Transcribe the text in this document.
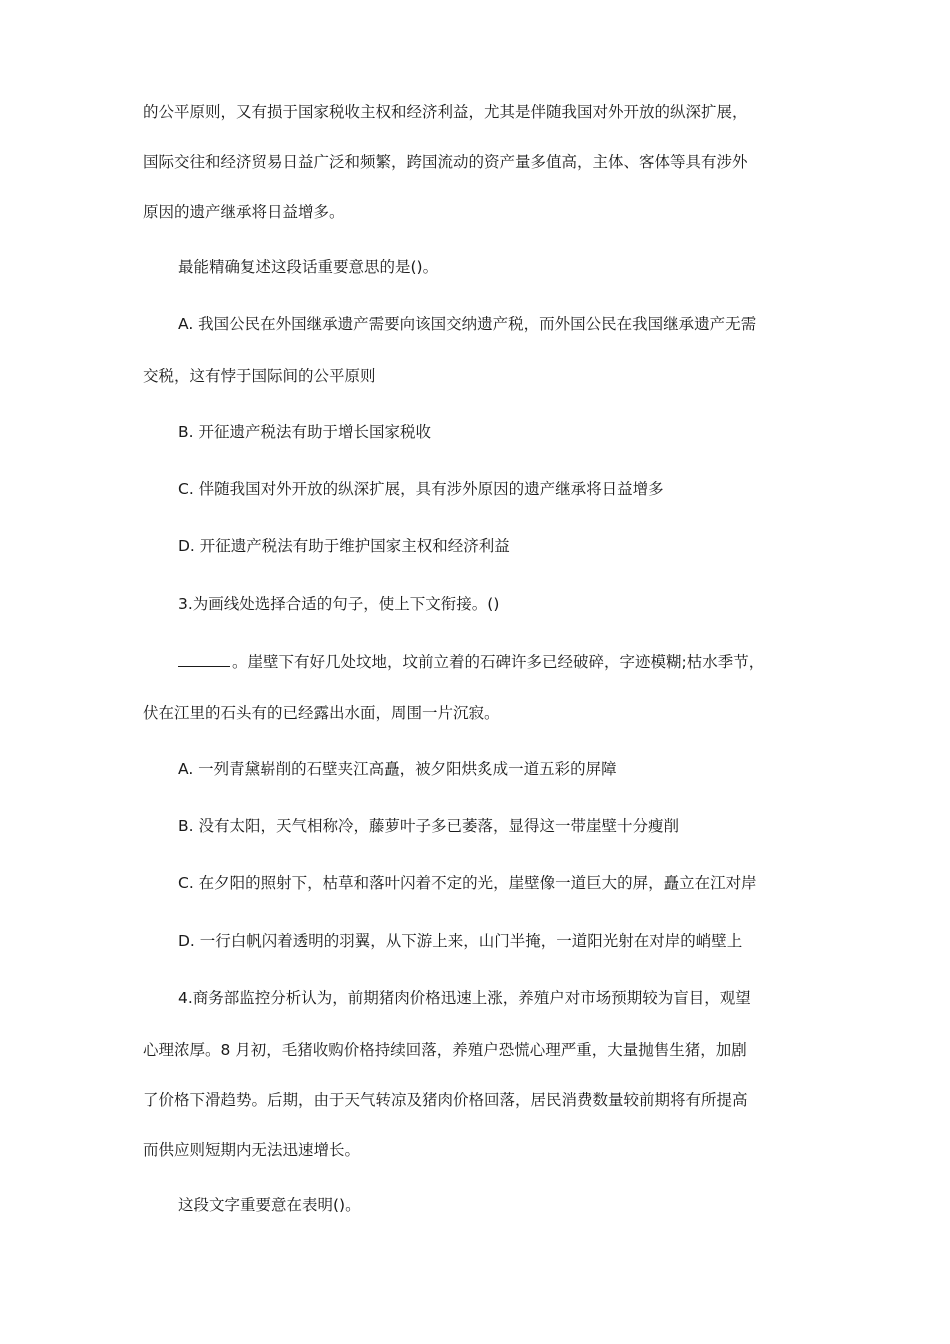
的公平原则，又有损于国家税收主权和经济利益，尤其是伴随我国对外开放的纵深扩展，
国际交往和经济贸易日益广泛和频繁，跨国流动的资产量多值高，主体、客体等具有涉外
原因的遗产继承将日益增多。
最能精确复述这段话重要意思的是()。
A. 我国公民在外国继承遗产需要向该国交纳遗产税，而外国公民在我国继承遗产无需
交税，这有悖于国际间的公平原则
B. 开征遗产税法有助于增长国家税收
C. 伴随我国对外开放的纵深扩展，具有涉外原因的遗产继承将日益增多
D. 开征遗产税法有助于维护国家主权和经济利益
3.为画线处选择合适的句子，使上下文衔接。()
。崖壁下有好几处坟地，坟前立着的石碑许多已经破碎，字迹模糊;枯水季节，
伏在江里的石头有的已经露出水面，周围一片沉寂。
A. 一列青黛崭削的石壁夹江高矗，被夕阳烘炙成一道五彩的屏障
B. 没有太阳，天气相称冷，藤萝叶子多已萎落，显得这一带崖壁十分瘦削
C. 在夕阳的照射下，枯草和落叶闪着不定的光，崖壁像一道巨大的屏，矗立在江对岸
D. 一行白帆闪着透明的羽翼，从下游上来，山门半掩，一道阳光射在对岸的峭壁上
4.商务部监控分析认为，前期猪肉价格迅速上涨，养殖户对市场预期较为盲目，观望
心理浓厚。8 月初，毛猪收购价格持续回落，养殖户恐慌心理严重，大量抛售生猪，加剧
了价格下滑趋势。后期，由于天气转凉及猪肉价格回落，居民消费数量较前期将有所提高
而供应则短期内无法迅速增长。
这段文字重要意在表明()。
